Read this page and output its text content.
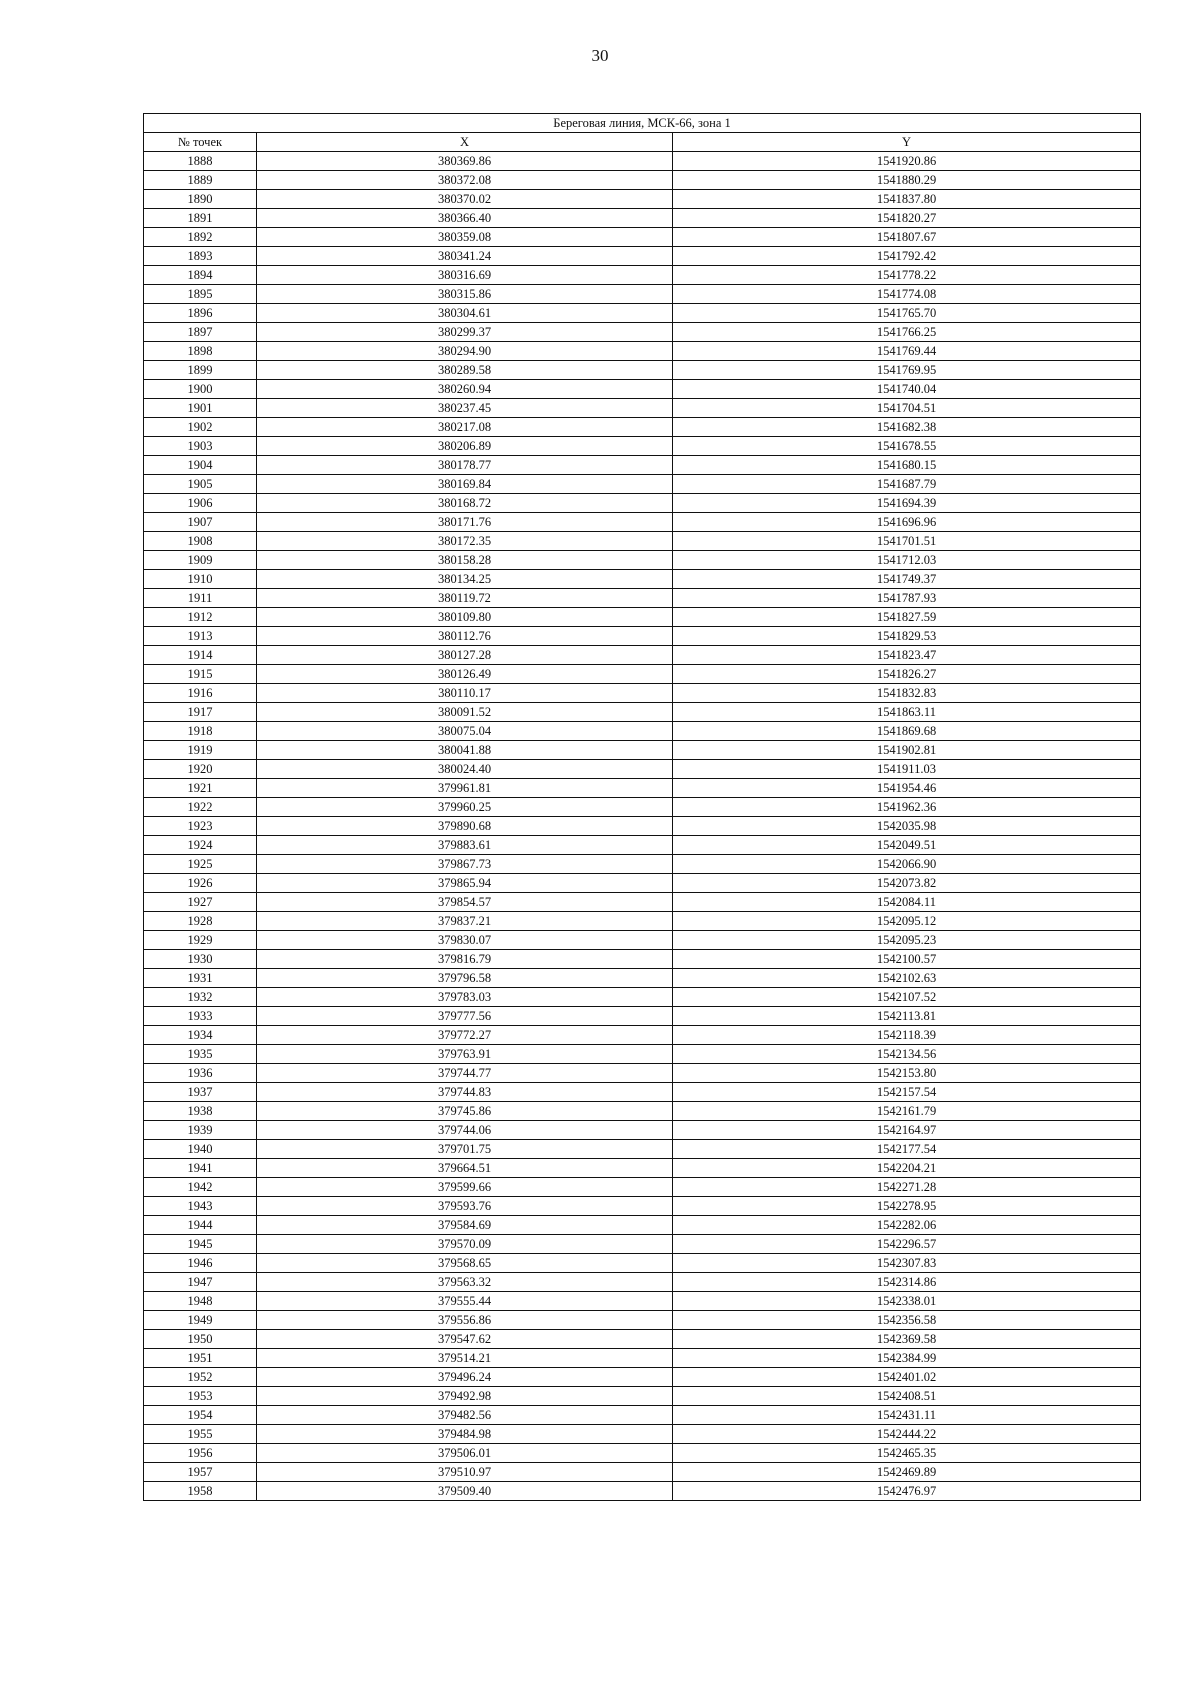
30
Береговая линия, МСК-66, зона 1		
№ точек	X	Y
1888	380369.86	1541920.86
1889	380372.08	1541880.29
1890	380370.02	1541837.80
1891	380366.40	1541820.27
1892	380359.08	1541807.67
1893	380341.24	1541792.42
1894	380316.69	1541778.22
1895	380315.86	1541774.08
1896	380304.61	1541765.70
1897	380299.37	1541766.25
1898	380294.90	1541769.44
1899	380289.58	1541769.95
1900	380260.94	1541740.04
1901	380237.45	1541704.51
1902	380217.08	1541682.38
1903	380206.89	1541678.55
1904	380178.77	1541680.15
1905	380169.84	1541687.79
1906	380168.72	1541694.39
1907	380171.76	1541696.96
1908	380172.35	1541701.51
1909	380158.28	1541712.03
1910	380134.25	1541749.37
1911	380119.72	1541787.93
1912	380109.80	1541827.59
1913	380112.76	1541829.53
1914	380127.28	1541823.47
1915	380126.49	1541826.27
1916	380110.17	1541832.83
1917	380091.52	1541863.11
1918	380075.04	1541869.68
1919	380041.88	1541902.81
1920	380024.40	1541911.03
1921	379961.81	1541954.46
1922	379960.25	1541962.36
1923	379890.68	1542035.98
1924	379883.61	1542049.51
1925	379867.73	1542066.90
1926	379865.94	1542073.82
1927	379854.57	1542084.11
1928	379837.21	1542095.12
1929	379830.07	1542095.23
1930	379816.79	1542100.57
1931	379796.58	1542102.63
1932	379783.03	1542107.52
1933	379777.56	1542113.81
1934	379772.27	1542118.39
1935	379763.91	1542134.56
1936	379744.77	1542153.80
1937	379744.83	1542157.54
1938	379745.86	1542161.79
1939	379744.06	1542164.97
1940	379701.75	1542177.54
1941	379664.51	1542204.21
1942	379599.66	1542271.28
1943	379593.76	1542278.95
1944	379584.69	1542282.06
1945	379570.09	1542296.57
1946	379568.65	1542307.83
1947	379563.32	1542314.86
1948	379555.44	1542338.01
1949	379556.86	1542356.58
1950	379547.62	1542369.58
1951	379514.21	1542384.99
1952	379496.24	1542401.02
1953	379492.98	1542408.51
1954	379482.56	1542431.11
1955	379484.98	1542444.22
1956	379506.01	1542465.35
1957	379510.97	1542469.89
1958	379509.40	1542476.97
